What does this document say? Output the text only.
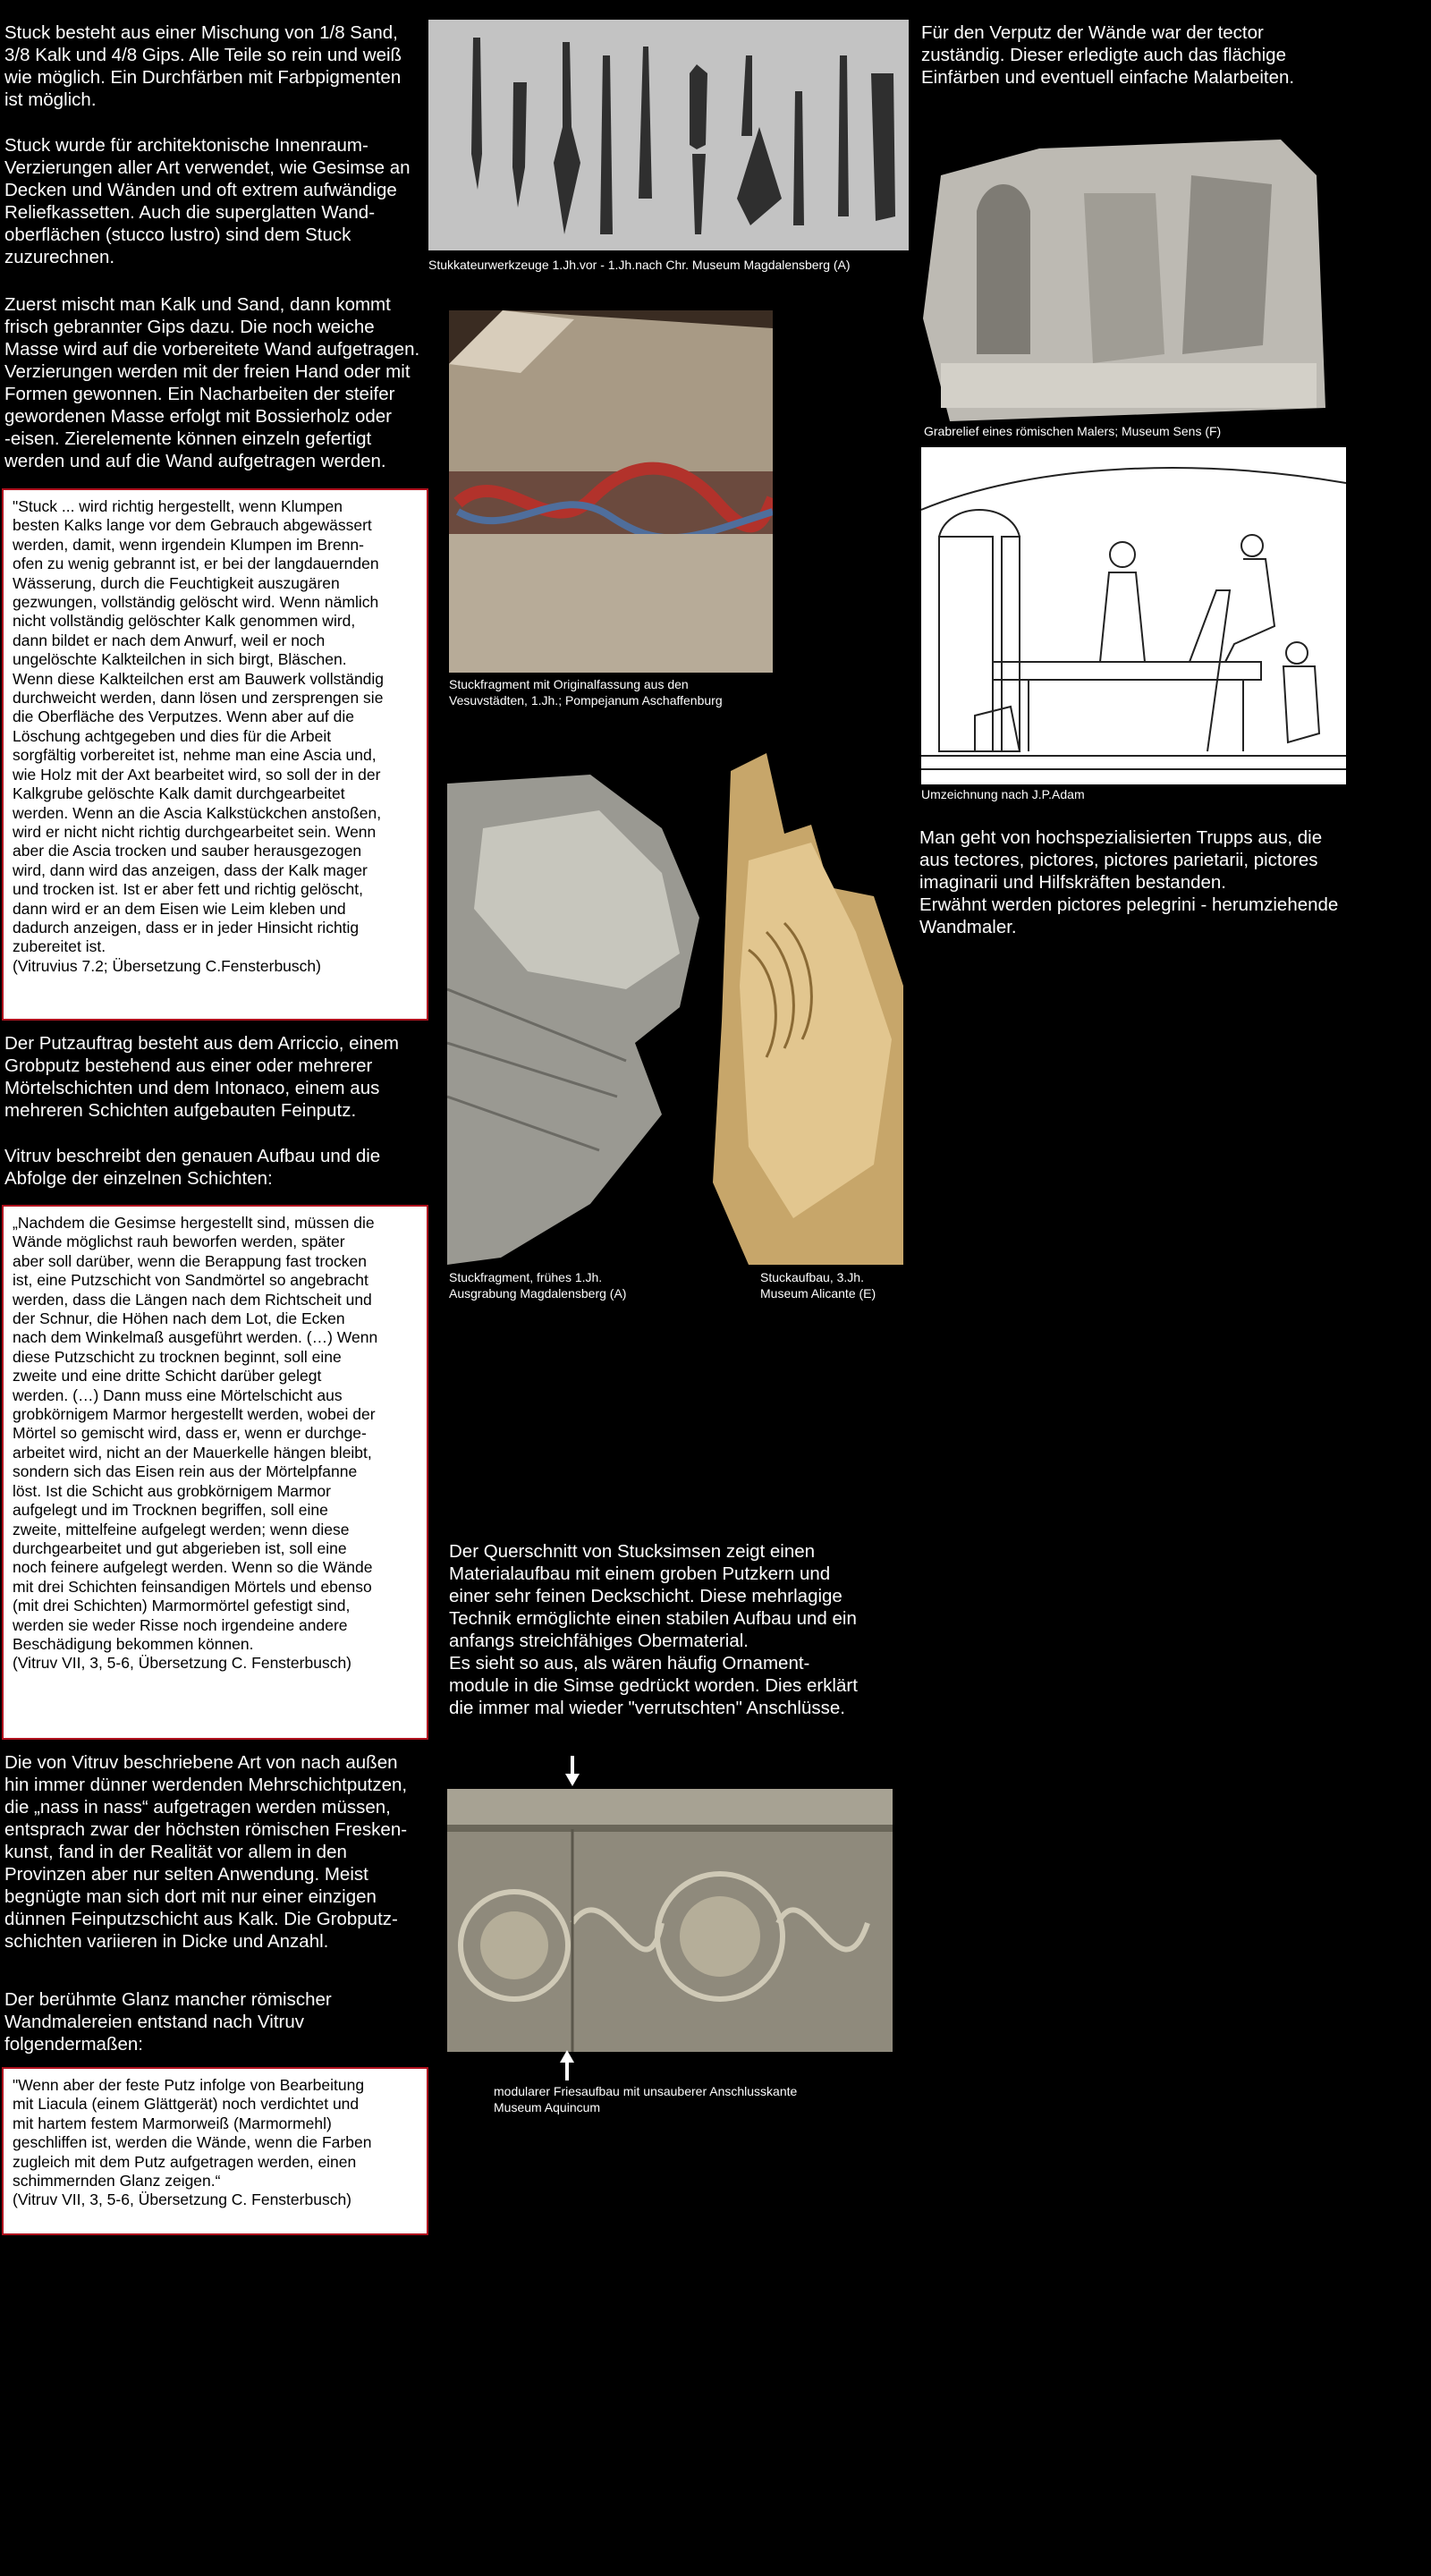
Stuck besteht aus einer Mischung von 1/8 Sand,
3/8 Kalk und 4/8 Gips. Alle Teile so rein und weiß
wie möglich. Ein Durchfärben mit Farbpigmenten
ist möglich.
Stuck wurde für architektonische Innenraum-
Verzierungen aller Art verwendet, wie Gesimse an
Decken und Wänden und oft extrem aufwändige
Reliefkassetten. Auch die superglatten Wand-
oberflächen (stucco lustro) sind dem Stuck
zuzurechnen.
Zuerst mischt man Kalk und Sand, dann kommt
frisch gebrannter Gips dazu. Die noch weiche
Masse wird auf die vorbereitete Wand aufgetragen.
Verzierungen werden mit der freien Hand oder mit
Formen gewonnen. Ein Nacharbeiten der steifer
gewordenen Masse erfolgt mit Bossierholz oder
-eisen. Zierelemente können einzeln gefertigt
werden und auf die Wand aufgetragen werden.
"Stuck ... wird richtig hergestellt, wenn Klumpen
besten Kalks lange vor dem Gebrauch abgewässert
werden, damit, wenn irgendein Klumpen im Brenn-
ofen zu wenig gebrannt ist, er bei der langdauernden
Wässerung, durch die Feuchtigkeit auszugären
gezwungen, vollständig gelöscht wird. Wenn nämlich
nicht vollständig gelöschter Kalk genommen wird,
dann bildet er nach dem Anwurf, weil er noch
ungelöschte Kalkteilchen in sich birgt, Bläschen.
Wenn diese Kalkteilchen erst am Bauwerk vollständig
durchweicht werden, dann lösen und zersprengen sie
die Oberfläche des Verputzes. Wenn aber auf die
Löschung achtgegeben und dies für die Arbeit
sorgfältig vorbereitet ist, nehme man eine Ascia und,
wie Holz mit der Axt bearbeitet wird, so soll der in der
Kalkgrube gelöschte Kalk damit durchgearbeitet
werden. Wenn an die Ascia Kalkstückchen anstoßen,
wird er nicht nicht richtig durchgearbeitet sein. Wenn
aber die Ascia trocken und sauber herausgezogen
wird, dann wird das anzeigen, dass der Kalk mager
und trocken ist. Ist er aber fett und richtig gelöscht,
dann wird er an dem Eisen wie Leim kleben und
dadurch anzeigen, dass er in jeder Hinsicht richtig
zubereitet ist.
(Vitruvius 7.2; Übersetzung C.Fensterbusch)
Der Putzauftrag besteht aus dem Arriccio, einem
Grobputz bestehend aus einer oder mehrerer
Mörtelschichten und dem Intonaco, einem aus
mehreren Schichten aufgebauten Feinputz.
Vitruv beschreibt den genauen Aufbau und die
Abfolge der einzelnen Schichten:
„Nachdem die Gesimse hergestellt sind, müssen die
Wände möglichst rauh beworfen werden, später
aber soll darüber, wenn die Berappung fast trocken
ist, eine Putzschicht von Sandmörtel so angebracht
werden, dass die Längen nach dem Richtscheit und
der Schnur, die Höhen nach dem Lot, die Ecken
nach dem Winkelmaß ausgeführt werden. (…) Wenn
diese Putzschicht zu trocknen beginnt, soll eine
zweite und eine dritte Schicht darüber gelegt
werden. (…) Dann muss eine Mörtelschicht aus
grobkörnigem Marmor hergestellt werden, wobei der
Mörtel so gemischt wird, dass er, wenn er durchge-
arbeitet wird, nicht an der Mauerkelle hängen bleibt,
sondern sich das Eisen rein aus der Mörtelpfanne
löst. Ist die Schicht aus grobkörnigem Marmor
aufgelegt und im Trocknen begriffen, soll eine
zweite, mittelfeine aufgelegt werden; wenn diese
durchgearbeitet und gut abgerieben ist, soll eine
noch feinere aufgelegt werden. Wenn so die Wände
mit drei Schichten feinsandigen Mörtels und ebenso
(mit drei Schichten) Marmormörtel gefestigt sind,
werden sie weder Risse noch irgendeine andere
Beschädigung bekommen können.
(Vitruv VII, 3, 5-6, Übersetzung C. Fensterbusch)
Die von Vitruv beschriebene Art von nach außen
hin immer dünner werdenden Mehrschichtputzen,
die „nass in nass“ aufgetragen werden müssen,
entsprach zwar der höchsten römischen Fresken-
kunst, fand in der Realität vor allem in den
Provinzen aber nur selten Anwendung. Meist
begnügte man sich dort mit nur einer einzigen
dünnen Feinputzschicht aus Kalk. Die Grobputz-
schichten variieren in Dicke und Anzahl.
Der berühmte Glanz mancher römischer
Wandmalereien entstand nach Vitruv
folgendermaßen:
"Wenn aber der feste Putz infolge von Bearbeitung
mit Liacula (einem Glättgerät) noch verdichtet und
mit hartem festem Marmorweiß (Marmormehl)
geschliffen ist, werden die Wände, wenn die Farben
zugleich mit dem Putz aufgetragen werden, einen
schimmernden Glanz zeigen.“
(Vitruv VII, 3, 5-6, Übersetzung C. Fensterbusch)
Stukkateurwerkzeuge 1.Jh.vor - 1.Jh.nach Chr. Museum Magdalensberg (A)
Stuckfragment mit Originalfassung aus den
Vesuvstädten, 1.Jh.; Pompejanum Aschaffenburg
Stuckfragment, frühes 1.Jh.
Ausgrabung Magdalensberg (A)
Stuckaufbau, 3.Jh.
Museum Alicante (E)
Der Querschnitt von Stucksimsen zeigt einen
Materialaufbau mit einem groben Putzkern und
einer sehr feinen Deckschicht. Diese mehrlagige
Technik ermöglichte einen stabilen Aufbau und ein
anfangs streichfähiges Obermaterial.
Es sieht so aus, als wären häufig Ornament-
module in die Simse gedrückt worden. Dies erklärt
die immer mal wieder "verrutschten" Anschlüsse.
modularer Friesaufbau mit unsauberer Anschlusskante
Museum Aquincum
Für den Verputz der Wände war der tector
zuständig. Dieser erledigte auch das flächige
Einfärben und eventuell einfache Malarbeiten.
Grabrelief eines römischen Malers; Museum Sens (F)
Umzeichnung nach J.P.Adam
Man geht von hochspezialisierten Trupps aus, die
aus tectores, pictores, pictores parietarii, pictores
imaginarii und Hilfskräften bestanden.
Erwähnt werden pictores pelegrini - herumziehende
Wandmaler.
